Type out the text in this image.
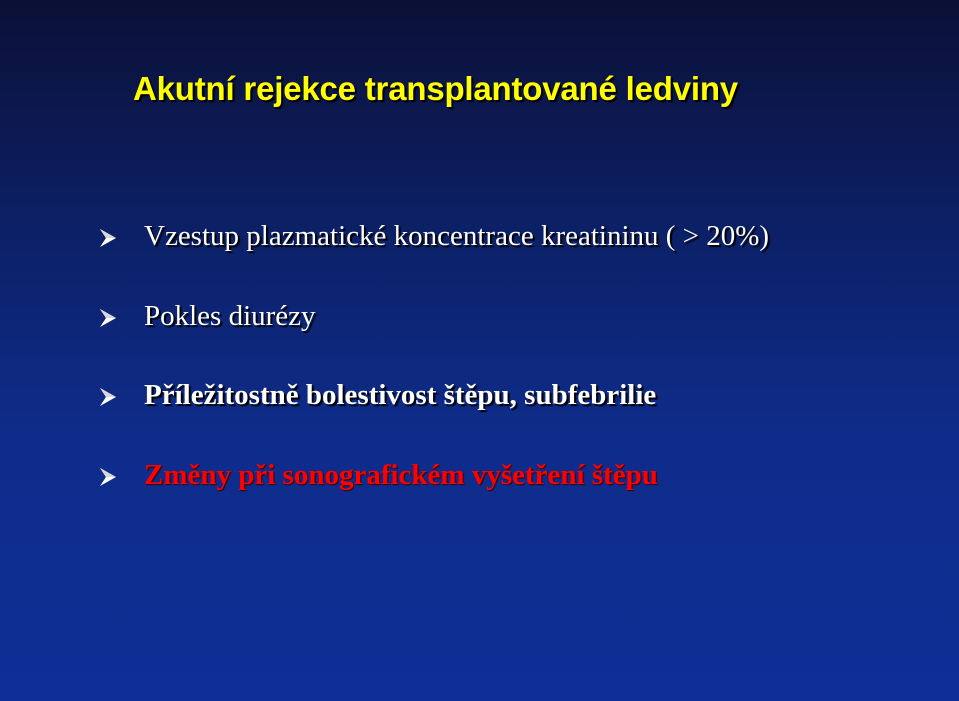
Akutní rejekce transplantované ledviny
Vzestup plazmatické koncentrace kreatininu ( > 20%)
Pokles diurézy
Příležitostně bolestivost štěpu, subfebrilie
Změny při sonografickém vyšetření štěpu
